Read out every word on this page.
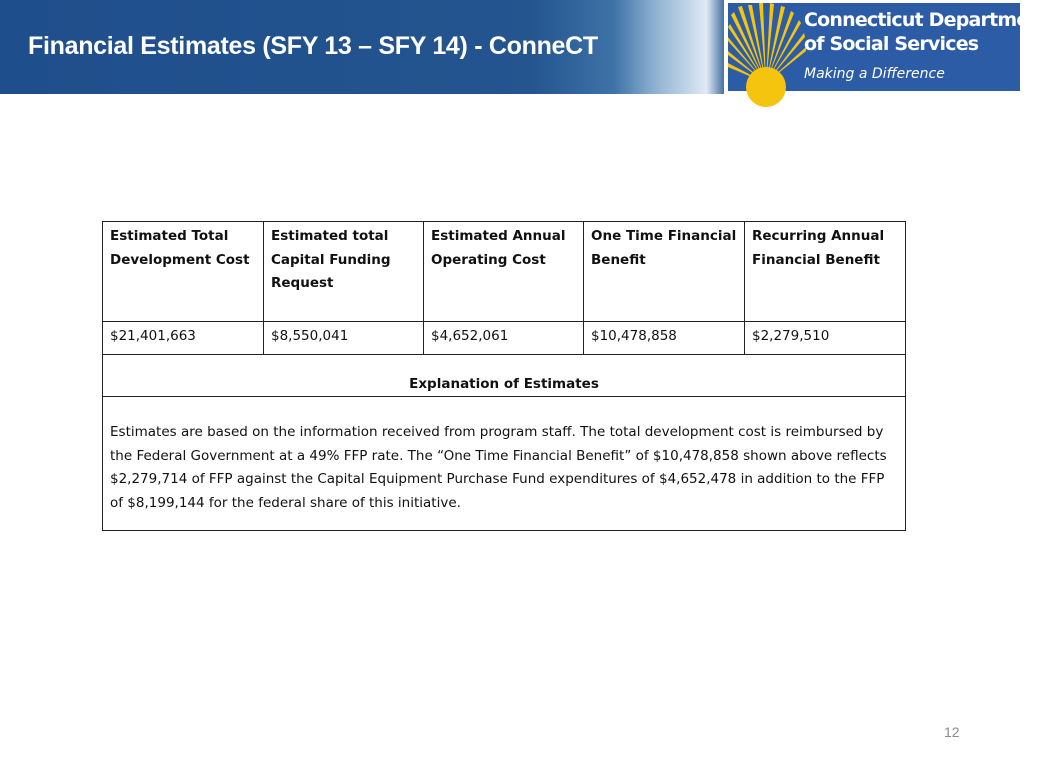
Financial Estimates (SFY 13 – SFY 14) - ConneCT
Connecticut Department
of Social Services
Making a Difference
Estimated Total Development Cost	Estimated total Capital Funding Request	Estimated Annual Operating Cost	One Time Financial Benefit	Recurring Annual Financial Benefit
$21,401,663	$8,550,041	$4,652,061	$10,478,858	$2,279,510
Explanation of Estimates				
Estimates are based on the information received from program staff. The total development cost is reimbursed by the Federal Government at a 49% FFP rate. The “One Time Financial Benefit” of $10,478,858 shown above reflects $2,279,714 of FFP against the Capital Equipment Purchase Fund expenditures of $4,652,478 in addition to the FFP of $8,199,144 for the federal share of this initiative.				
12
